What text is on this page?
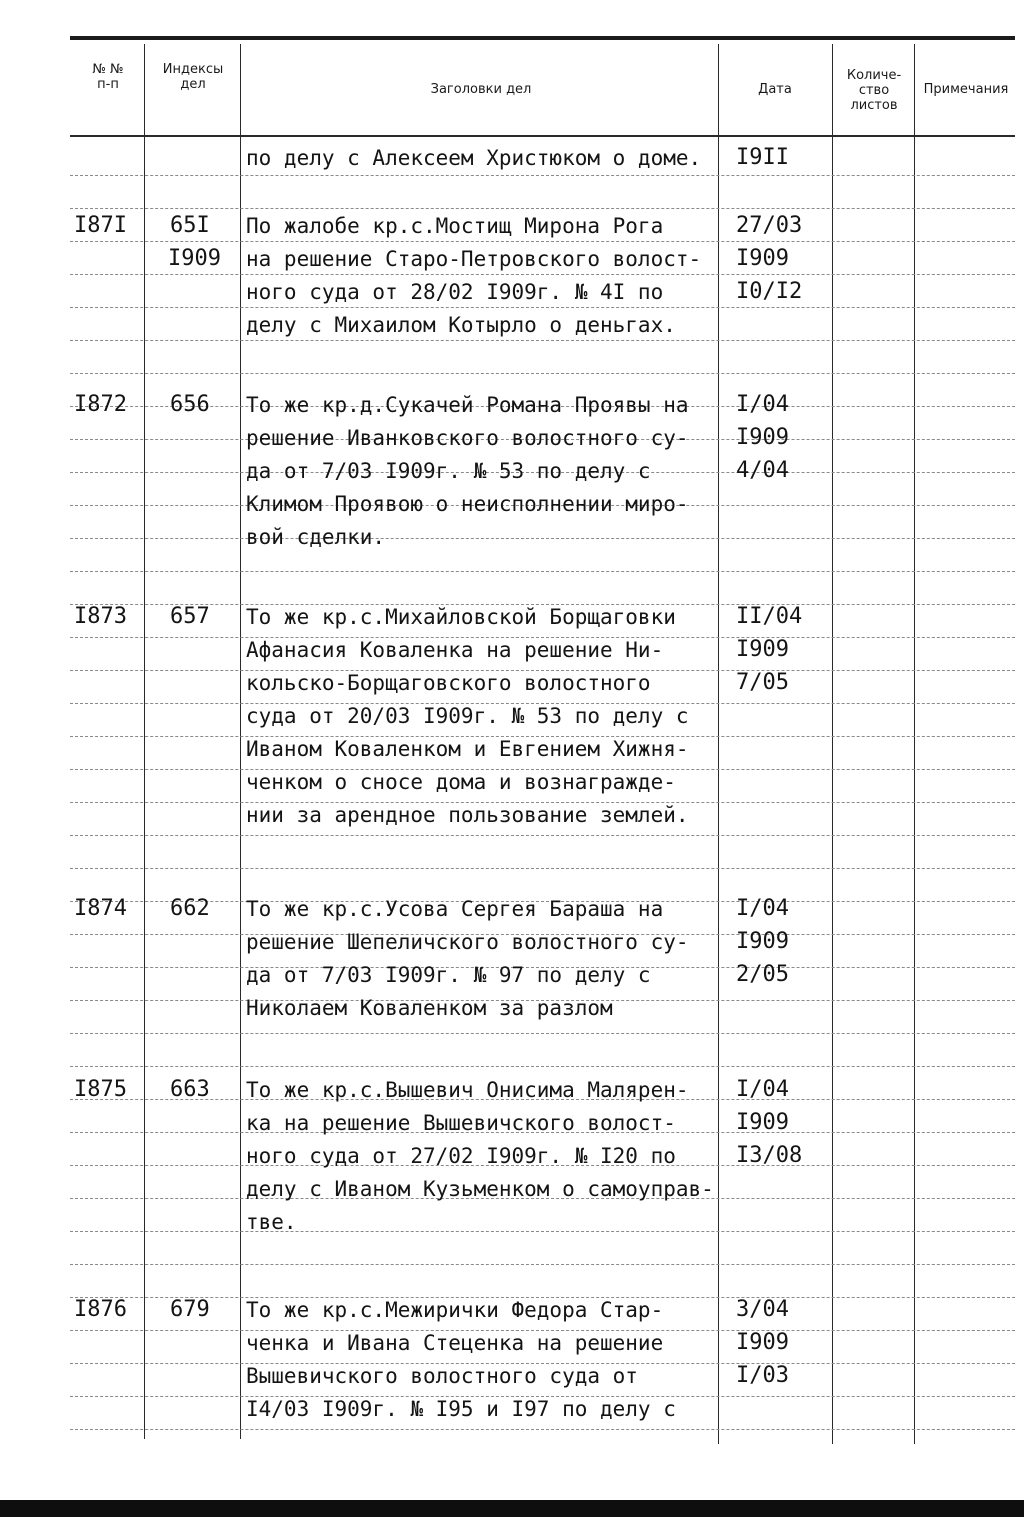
№ №
п-п
Индексы
дел	Заголовки дел	Дата
Количе-
ство
листов
Примечания
по делу с Алексеем Христюком о доме. I9II
I87I 65I
I909
По жалобе кр.с.Мостищ Мирона Рога
на решение Старо-Петровского волост-
ного суда от 28/02 I909г. № 4I по
делу с Михаилом Котырло о деньгах.
27/03
I909
I0/I2
I872 656 То же кр.д.Сукачей Романа Проявы на
решение Иванковского волостного су-
да от 7/03 I909г. № 53 по делу с
Климом Проявою о неисполнении миро-
вой сделки.
I/04
I909
4/04
I873 657 То же кр.с.Михайловской Борщаговки
Афанасия Коваленка на решение Ни-
кольско-Борщаговского волостного
суда от 20/03 I909г. № 53 по делу с
Иваном Коваленком и Евгением Хижня-
ченком о сносе дома и вознагражде-
нии за арендное пользование землей.
II/04
I909
7/05
I874 662 То же кр.с.Усова Сергея Бараша на
решение Шепеличского волостного су-
да от 7/03 I909г. № 97 по делу с
Николаем Коваленком за разлом
I/04
I909
2/05
I875 663 То же кр.с.Вышевич Онисима Малярен-
ка на решение Вышевичского волост-
ного суда от 27/02 I909г. № I20 по
делу с Иваном Кузьменком о самоуправ-
тве.
I/04
I909
I3/08
I876 679 То же кр.с.Межирички Федора Стар-
ченка и Ивана Стеценка на решение
Вышевичского волостного суда от
I4/03 I909г. № I95 и I97 по делу с
3/04
I909
I/03
